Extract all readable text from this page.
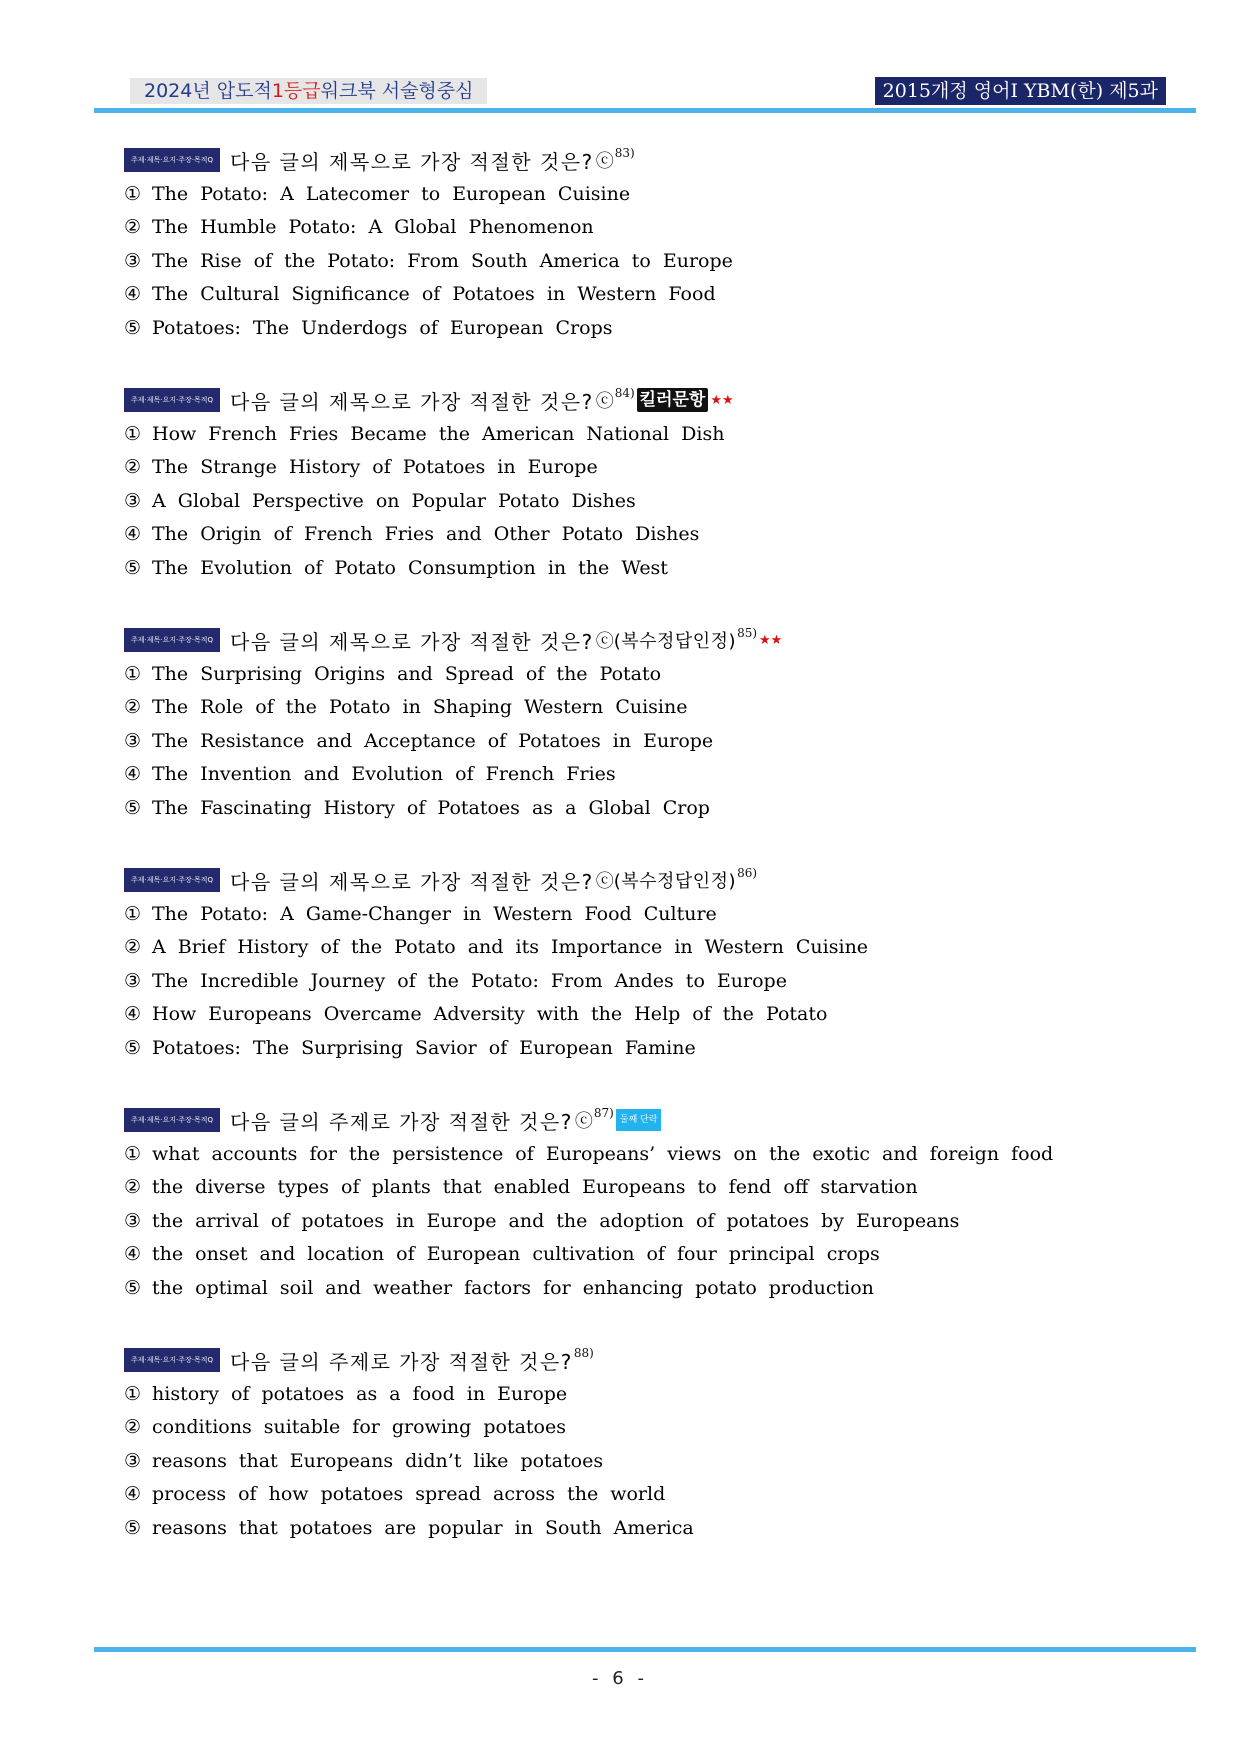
2024년 압도적1등급워크북 서술형중심	2015개정 영어Ⅰ YBM(한) 제5과
주제·제목·요지·주장·목적Q 다음 글의 제목으로 가장 적절한 것은? ⓒ 83)
① The Potato: A Latecomer to European Cuisine
② The Humble Potato: A Global Phenomenon
③ The Rise of the Potato: From South America to Europe
④ The Cultural Significance of Potatoes in Western Food
⑤ Potatoes: The Underdogs of European Crops
주제·제목·요지·주장·목적Q 다음 글의 제목으로 가장 적절한 것은? ⓒ 84) 킬러문항 ★★
① How French Fries Became the American National Dish
② The Strange History of Potatoes in Europe
③ A Global Perspective on Popular Potato Dishes
④ The Origin of French Fries and Other Potato Dishes
⑤ The Evolution of Potato Consumption in the West
주제·제목·요지·주장·목적Q 다음 글의 제목으로 가장 적절한 것은? ⓒ (복수정답인정) 85) ★★
① The Surprising Origins and Spread of the Potato
② The Role of the Potato in Shaping Western Cuisine
③ The Resistance and Acceptance of Potatoes in Europe
④ The Invention and Evolution of French Fries
⑤ The Fascinating History of Potatoes as a Global Crop
주제·제목·요지·주장·목적Q 다음 글의 제목으로 가장 적절한 것은? ⓒ (복수정답인정) 86)
① The Potato: A Game-Changer in Western Food Culture
② A Brief History of the Potato and its Importance in Western Cuisine
③ The Incredible Journey of the Potato: From Andes to Europe
④ How Europeans Overcame Adversity with the Help of the Potato
⑤ Potatoes: The Surprising Savior of European Famine
주제·제목·요지·주장·목적Q 다음 글의 주제로 가장 적절한 것은? ⓒ 87) 둘째 단락
① what accounts for the persistence of Europeans’ views on the exotic and foreign food
② the diverse types of plants that enabled Europeans to fend off starvation
③ the arrival of potatoes in Europe and the adoption of potatoes by Europeans
④ the onset and location of European cultivation of four principal crops
⑤ the optimal soil and weather factors for enhancing potato production
주제·제목·요지·주장·목적Q 다음 글의 주제로 가장 적절한 것은? 88)
① history of potatoes as a food in Europe
② conditions suitable for growing potatoes
③ reasons that Europeans didn’t like potatoes
④ process of how potatoes spread across the world
⑤ reasons that potatoes are popular in South America
- 6 -
